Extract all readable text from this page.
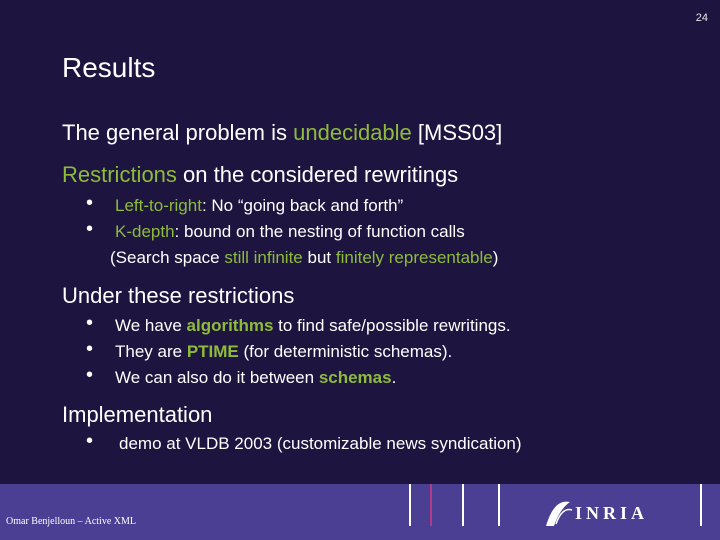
24
Results
The general problem is undecidable [MSS03]
Restrictions on the considered rewritings
• Left-to-right: No “going back and forth”
• K-depth: bound on the nesting of function calls
(Search space still infinite but finitely representable)
Under these restrictions
• We have algorithms to find safe/possible rewritings.
• They are PTIME (for deterministic schemas).
• We can also do it between schemas.
Implementation
• demo at VLDB 2003 (customizable news syndication)
INRIA
Omar Benjelloun – Active XML
